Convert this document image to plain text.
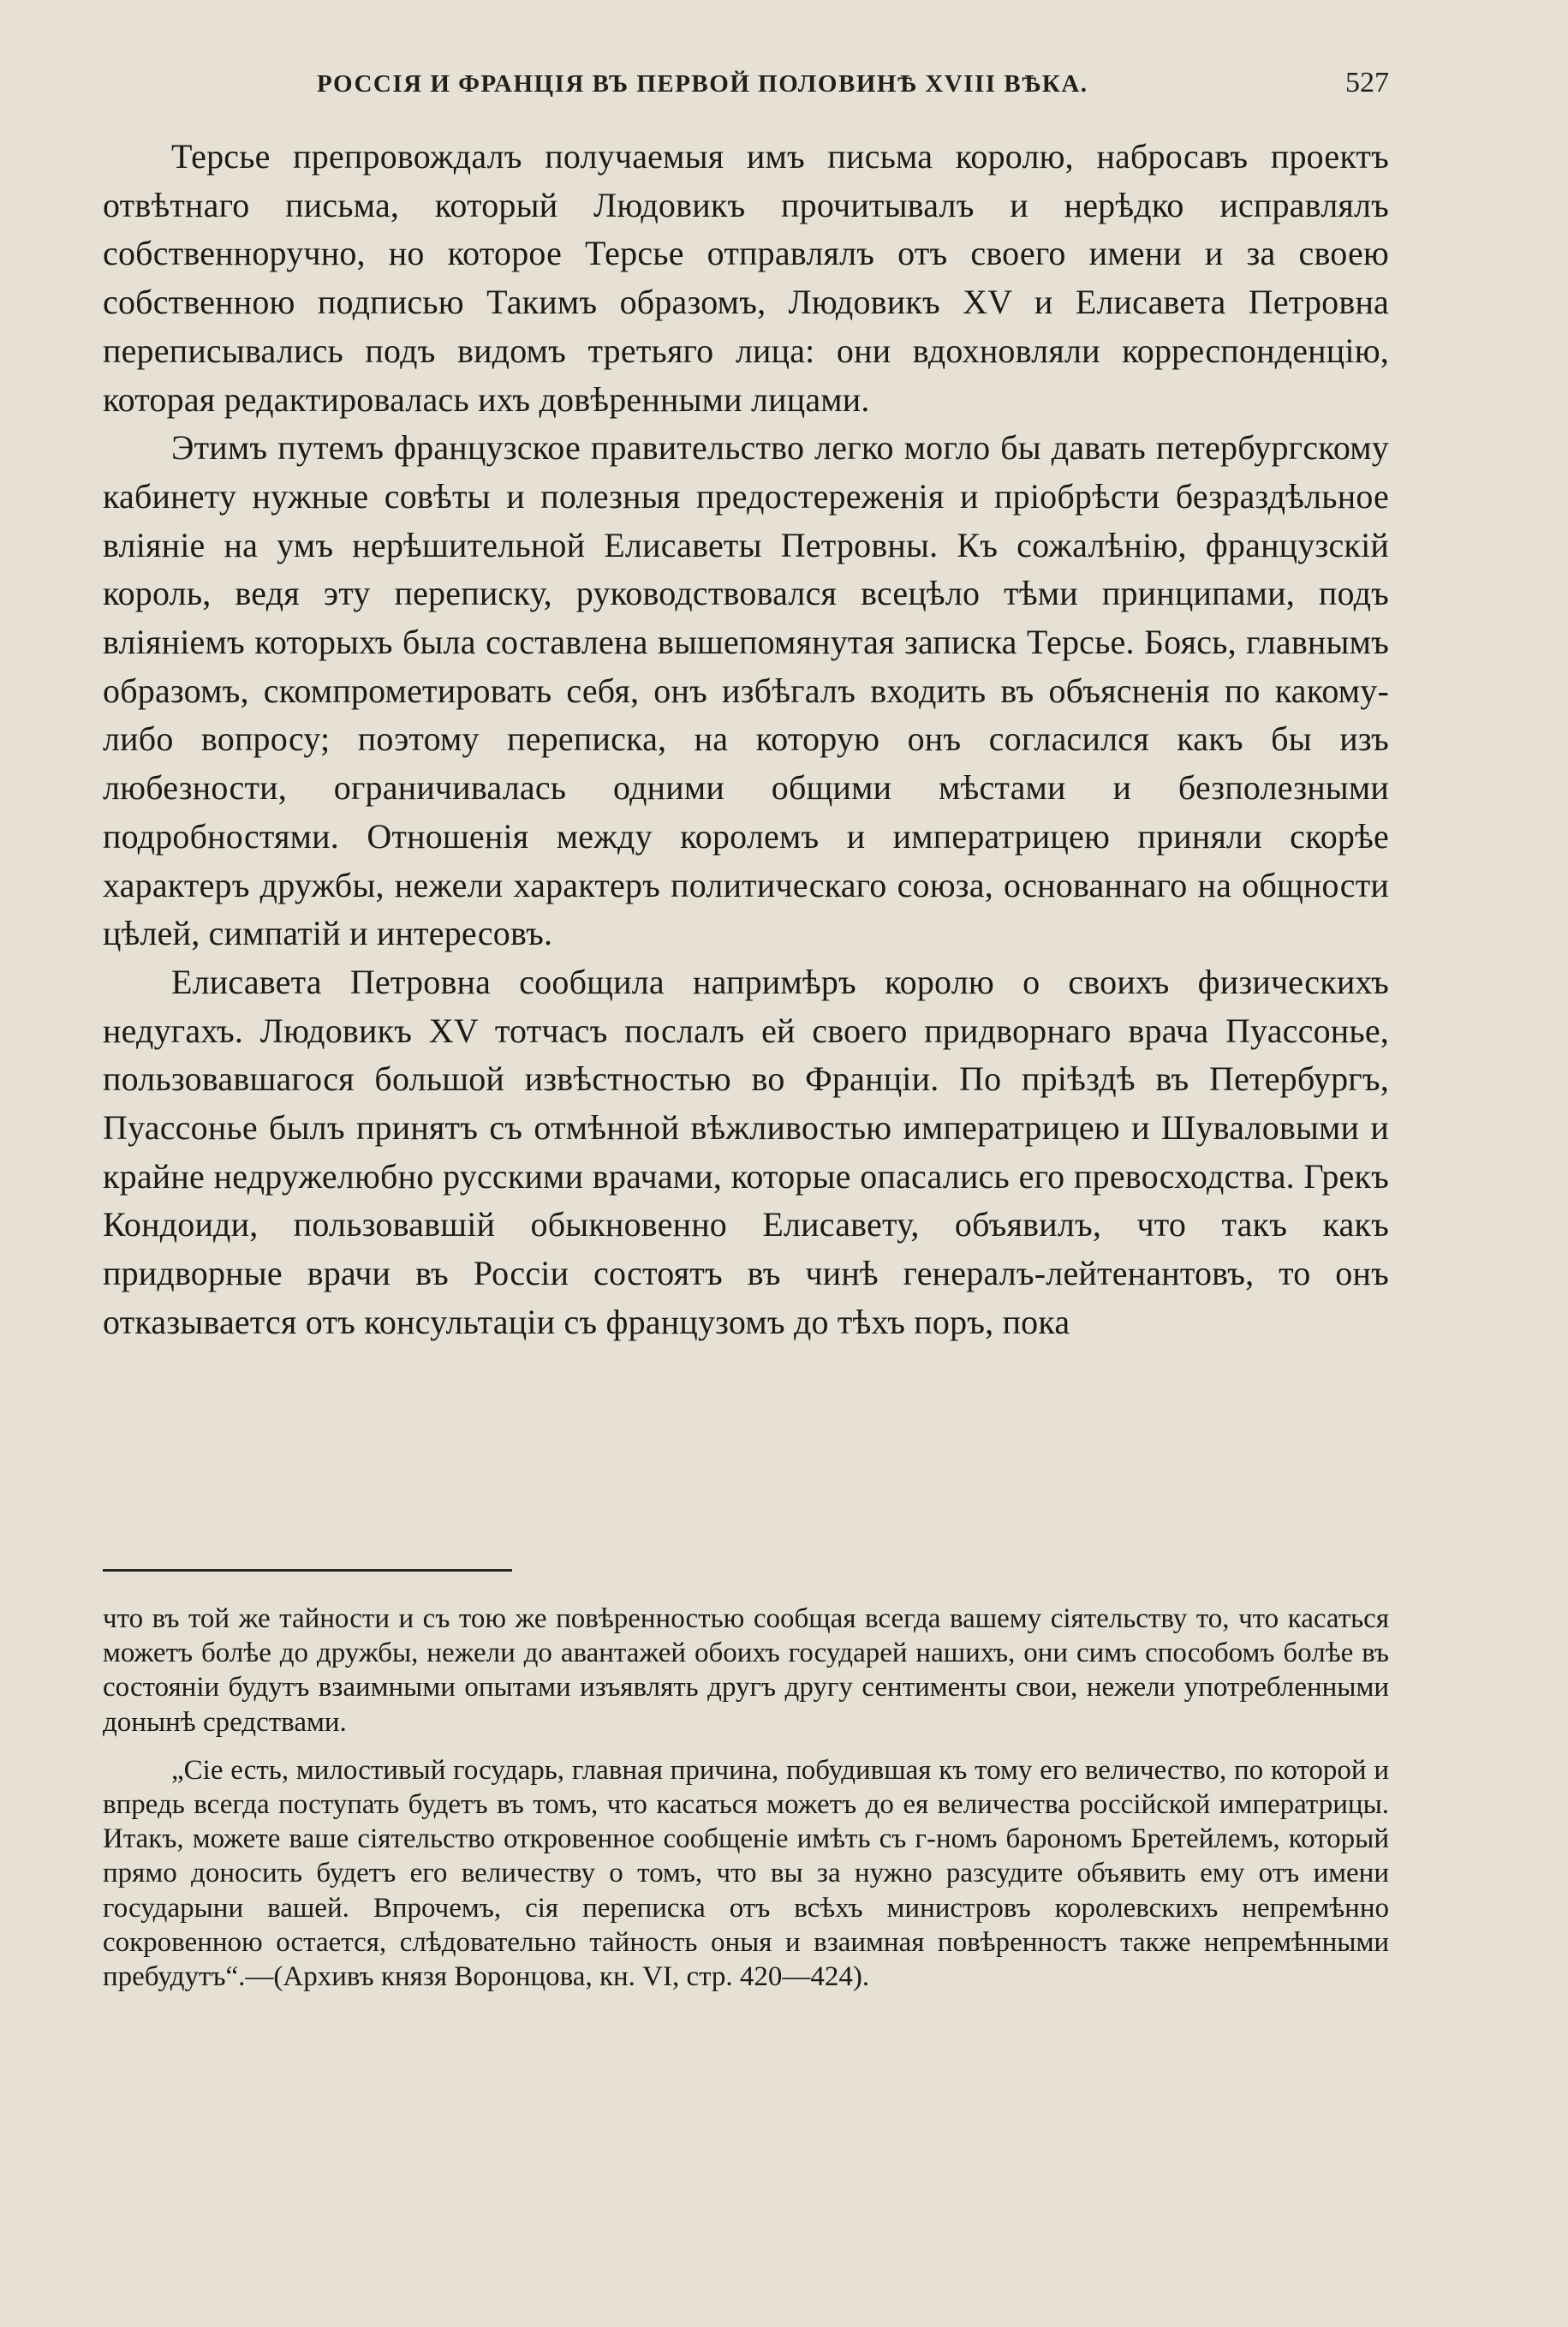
РОССІЯ И ФРАНЦІЯ ВЪ ПЕРВОЙ ПОЛОВИНѢ XVIII ВѢКА.	527

Терсье препровождалъ получаемыя имъ письма королю, набросавъ проектъ отвѣтнаго письма, который Людовикъ прочитывалъ и нерѣдко исправлялъ собственноручно, но которое Терсье отправлялъ отъ своего имени и за своею собственною подписью Такимъ образомъ, Людовикъ XV и Елисавета Петровна переписывались подъ видомъ третьяго лица: они вдохновляли корреспонденцію, которая редактировалась ихъ довѣренными лицами.

Этимъ путемъ французское правительство легко могло бы давать петербургскому кабинету нужные совѣты и полезныя предостереженія и пріобрѣсти безраздѣльное вліяніе на умъ нерѣшительной Елисаветы Петровны. Къ сожалѣнію, французскій король, ведя эту переписку, руководствовался всецѣло тѣми принципами, подъ вліяніемъ которыхъ была составлена вышепомянутая записка Терсье. Боясь, главнымъ образомъ, скомпрометировать себя, онъ избѣгалъ входить въ объясненія по какому-либо вопросу; поэтому переписка, на которую онъ согласился какъ бы изъ любезности, ограничивалась одними общими мѣстами и безполезными подробностями. Отношенія между королемъ и императрицею приняли скорѣе характеръ дружбы, нежели характеръ политическаго союза, основаннаго на общности цѣлей, симпатій и интересовъ.

Елисавета Петровна сообщила напримѣръ королю о своихъ физическихъ недугахъ. Людовикъ XV тотчасъ послалъ ей своего придворнаго врача Пуассонье, пользовавшагося большой извѣстностью во Франціи. По пріѣздѣ въ Петербургъ, Пуассонье былъ принятъ съ отмѣнной вѣжливостью императрицею и Шуваловыми и крайне недружелюбно русскими врачами, которые опасались его превосходства. Грекъ Кондоиди, пользовавшій обыкновенно Елисавету, объявилъ, что такъ какъ придворные врачи въ Россіи состоятъ въ чинѣ генералъ-лейтенантовъ, то онъ отказывается отъ консультаціи съ французомъ до тѣхъ поръ, пока

что въ той же тайности и съ тою же повѣренностью сообщая всегда вашему сіятельству то, что касаться можетъ болѣе до дружбы, нежели до авантажей обоихъ государей нашихъ, они симъ способомъ болѣе въ состояніи будутъ взаимными опытами изъявлять другъ другу сентименты свои, нежели употребленными донынѣ средствами.

„Сіе есть, милостивый государь, главная причина, побудившая къ тому его величество, по которой и впредь всегда поступать будетъ въ томъ, что касаться можетъ до ея величества россійской императрицы. Итакъ, можете ваше сіятельство откровенное сообщеніе имѣть съ г-номъ барономъ Бретейлемъ, который прямо доносить будетъ его величеству о томъ, что вы за нужно разсудите объявить ему отъ имени государыни вашей. Впрочемъ, сія переписка отъ всѣхъ министровъ королевскихъ непремѣнно сокровенною остается, слѣдовательно тайность оныя и взаимная повѣренностъ также непремѣнными пребудутъ“.—(Архивъ князя Воронцова, кн. VI, стр. 420—424).
